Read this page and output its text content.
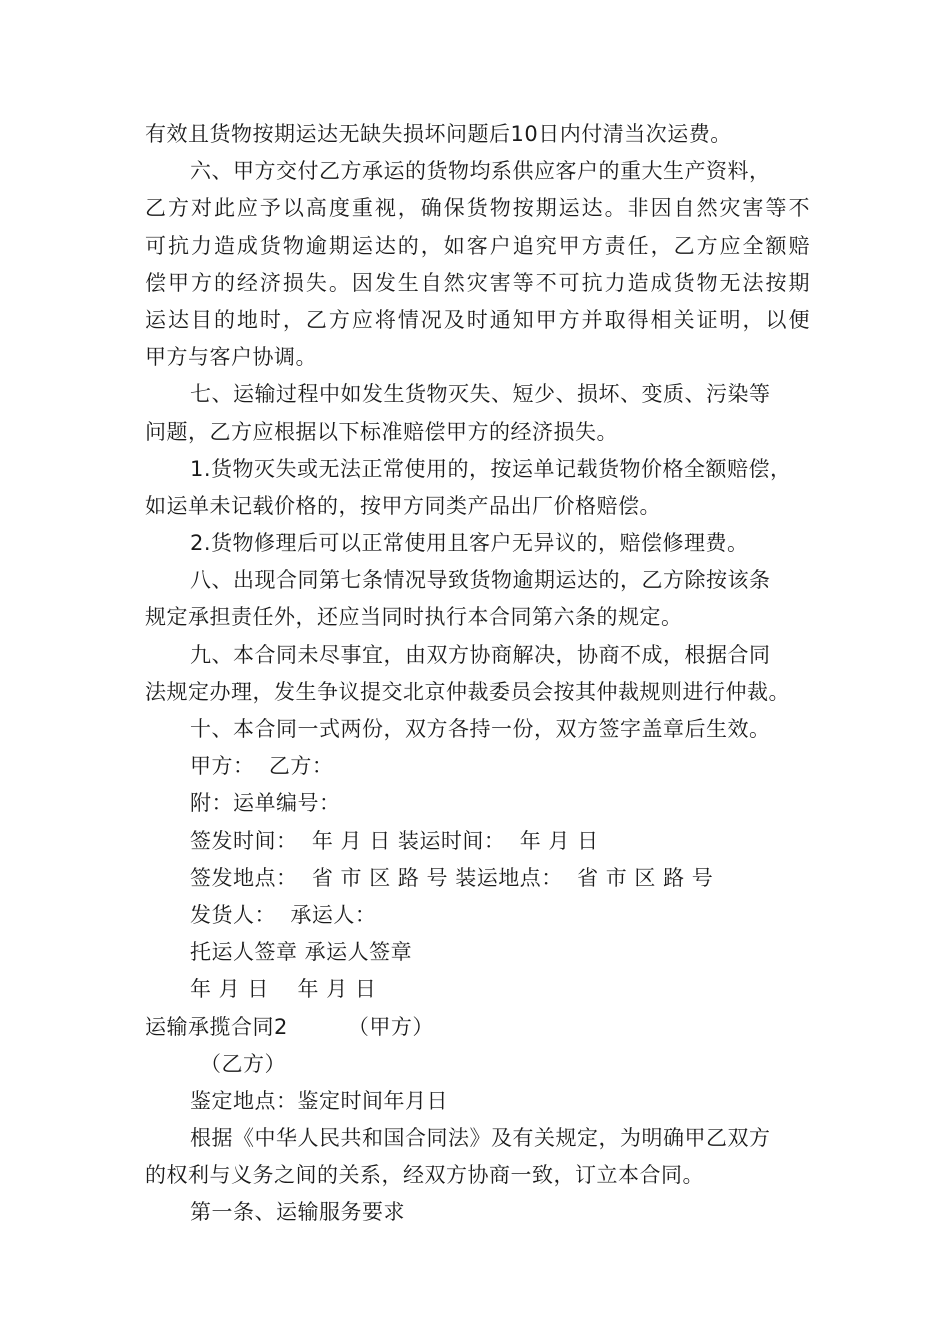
有效且货物按期运达无缺失损坏问题后10日内付清当次运费。
六、甲方交付乙方承运的货物均系供应客户的重大生产资料，
乙方对此应予以高度重视，确保货物按期运达。非因自然灾害等不
可抗力造成货物逾期运达的，如客户追究甲方责任，乙方应全额赔
偿甲方的经济损失。因发生自然灾害等不可抗力造成货物无法按期
运达目的地时，乙方应将情况及时通知甲方并取得相关证明，以便
甲方与客户协调。
七、运输过程中如发生货物灭失、短少、损坏、变质、污染等
问题，乙方应根据以下标准赔偿甲方的经济损失。
1.货物灭失或无法正常使用的，按运单记载货物价格全额赔偿，
如运单未记载价格的，按甲方同类产品出厂价格赔偿。
2.货物修理后可以正常使用且客户无异议的，赔偿修理费。
八、出现合同第七条情况导致货物逾期运达的，乙方除按该条
规定承担责任外，还应当同时执行本合同第六条的规定。
九、本合同未尽事宜，由双方协商解决，协商不成，根据合同
法规定办理，发生争议提交北京仲裁委员会按其仲裁规则进行仲裁。
十、本合同一式两份，双方各持一份，双方签字盖章后生效。
甲方：  乙方：
附：运单编号：
签发时间：  年 月 日 装运时间：  年 月 日
签发地点：  省 市 区 路 号 装运地点：  省 市 区 路 号
发货人：  承运人：
托运人签章 承运人签章
年 月 日    年 月 日
运输承揽合同2	（甲方）
（乙方）
鉴定地点：鉴定时间年月日
根据《中华人民共和国合同法》及有关规定，为明确甲乙双方
的权利与义务之间的关系，经双方协商一致，订立本合同。
第一条、运输服务要求
